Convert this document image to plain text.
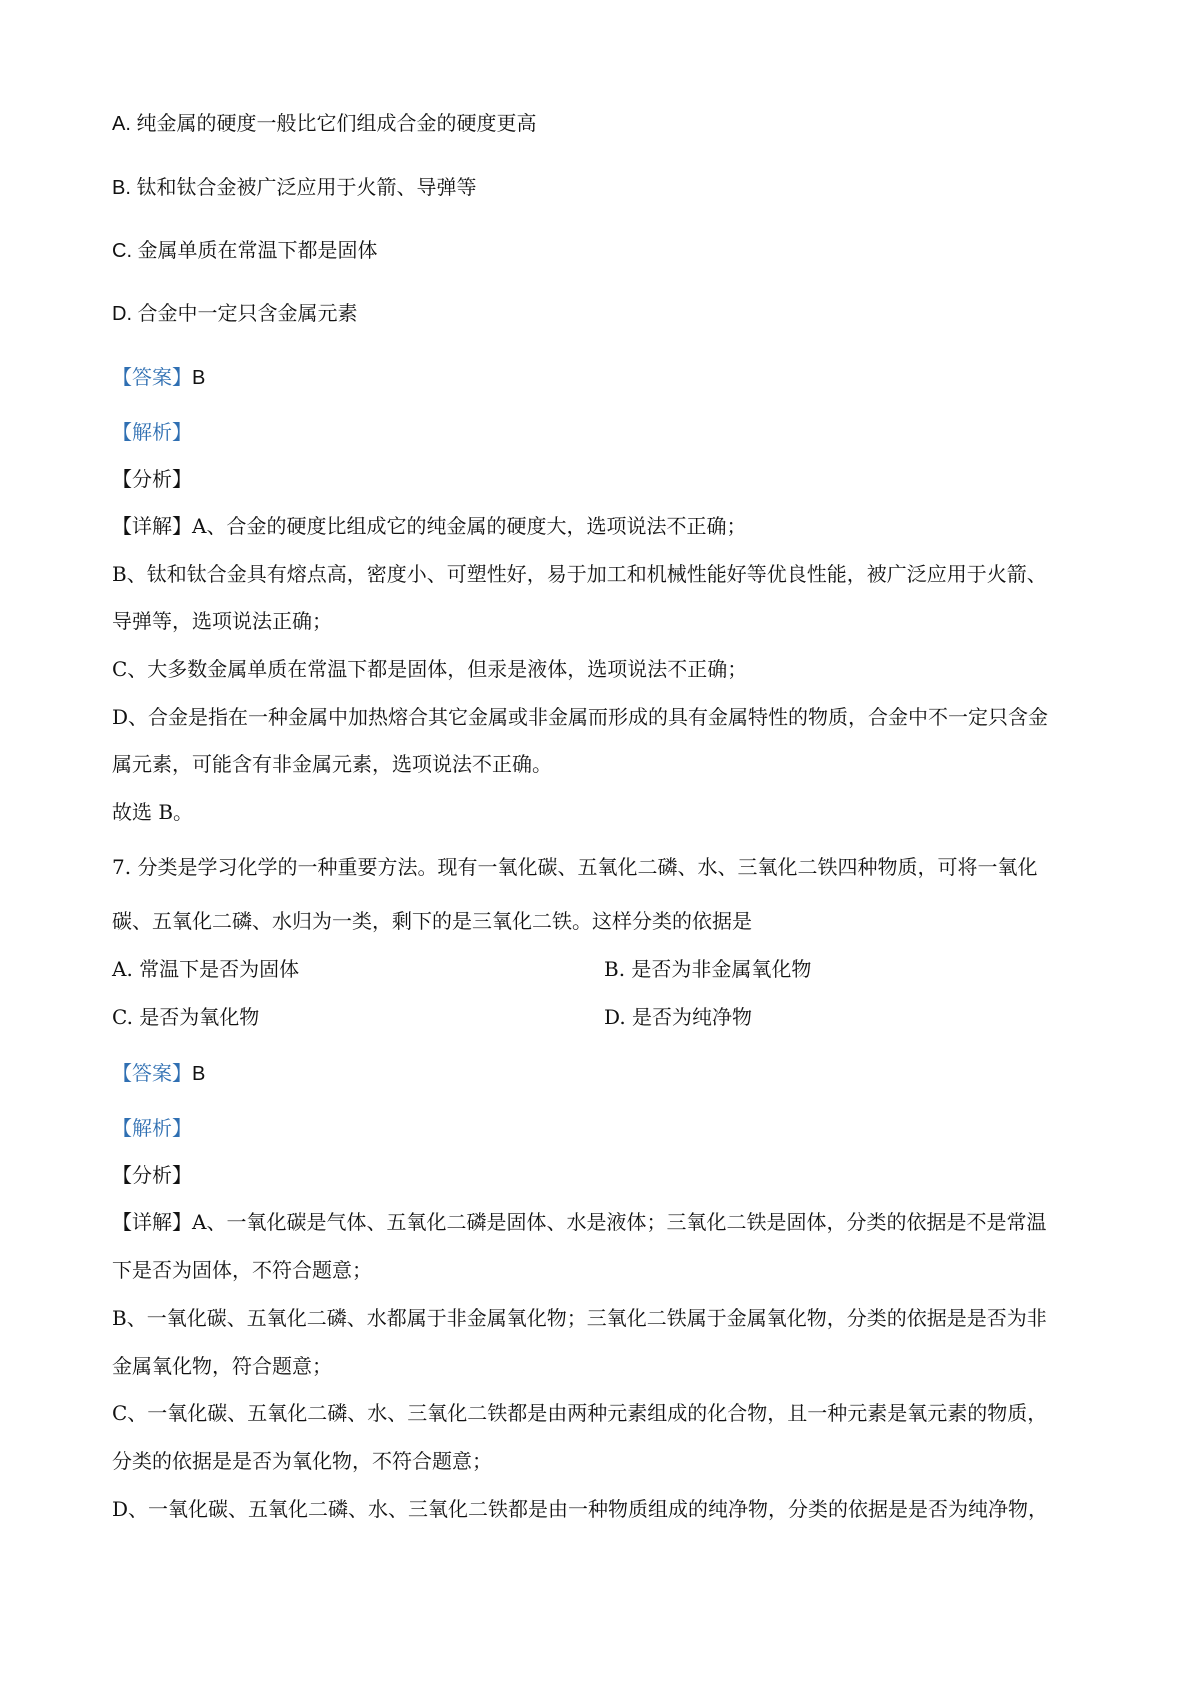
A. 纯金属的硬度一般比它们组成合金的硬度更高
B. 钛和钛合金被广泛应用于火箭、导弹等
C. 金属单质在常温下都是固体
D. 合金中一定只含金属元素
【答案】B
【解析】
【分析】
【详解】A、合金的硬度比组成它的纯金属的硬度大，选项说法不正确；
B、钛和钛合金具有熔点高，密度小、可塑性好，易于加工和机械性能好等优良性能，被广泛应用于火箭、
导弹等，选项说法正确；
C、大多数金属单质在常温下都是固体，但汞是液体，选项说法不正确；
D、合金是指在一种金属中加热熔合其它金属或非金属而形成的具有金属特性的物质，合金中不一定只含金
属元素，可能含有非金属元素，选项说法不正确。
故选 B。
7. 分类是学习化学的一种重要方法。现有一氧化碳、五氧化二磷、水、三氧化二铁四种物质，可将一氧化
碳、五氧化二磷、水归为一类，剩下的是三氧化二铁。这样分类的依据是
A. 常温下是否为固体	B. 是否为非金属氧化物
C. 是否为氧化物	D. 是否为纯净物
【答案】B
【解析】
【分析】
【详解】A、一氧化碳是气体、五氧化二磷是固体、水是液体；三氧化二铁是固体，分类的依据是不是常温
下是否为固体，不符合题意；
B、一氧化碳、五氧化二磷、水都属于非金属氧化物；三氧化二铁属于金属氧化物，分类的依据是是否为非
金属氧化物，符合题意；
C、一氧化碳、五氧化二磷、水、三氧化二铁都是由两种元素组成的化合物，且一种元素是氧元素的物质，
分类的依据是是否为氧化物，不符合题意；
D、一氧化碳、五氧化二磷、水、三氧化二铁都是由一种物质组成的纯净物，分类的依据是是否为纯净物，
